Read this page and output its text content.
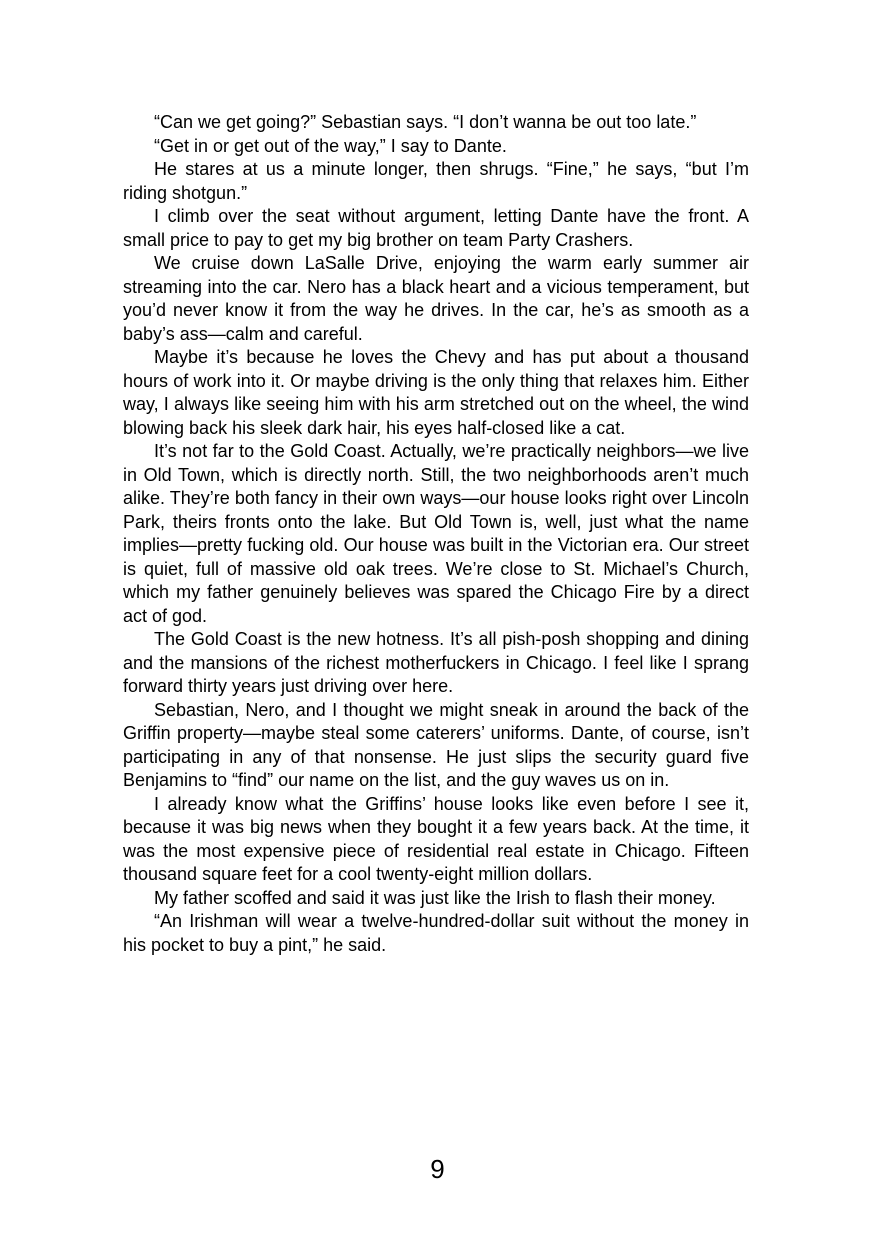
“Can we get going?” Sebastian says. “I don’t wanna be out too late.”

“Get in or get out of the way,” I say to Dante.

He stares at us a minute longer, then shrugs. “Fine,” he says, “but I’m riding shotgun.”

I climb over the seat without argument, letting Dante have the front. A small price to pay to get my big brother on team Party Crashers.

We cruise down LaSalle Drive, enjoying the warm early summer air streaming into the car. Nero has a black heart and a vicious temperament, but you’d never know it from the way he drives. In the car, he’s as smooth as a baby’s ass—calm and careful.

Maybe it’s because he loves the Chevy and has put about a thousand hours of work into it. Or maybe driving is the only thing that relaxes him. Either way, I always like seeing him with his arm stretched out on the wheel, the wind blowing back his sleek dark hair, his eyes half-closed like a cat.

It’s not far to the Gold Coast. Actually, we’re practically neighbors—we live in Old Town, which is directly north. Still, the two neighborhoods aren’t much alike. They’re both fancy in their own ways—our house looks right over Lincoln Park, theirs fronts onto the lake. But Old Town is, well, just what the name implies—pretty fucking old. Our house was built in the Victorian era. Our street is quiet, full of massive old oak trees. We’re close to St. Michael’s Church, which my father genuinely believes was spared the Chicago Fire by a direct act of god.

The Gold Coast is the new hotness. It’s all pish-posh shopping and dining and the mansions of the richest motherfuckers in Chicago. I feel like I sprang forward thirty years just driving over here.

Sebastian, Nero, and I thought we might sneak in around the back of the Griffin property—maybe steal some caterers’ uniforms. Dante, of course, isn’t participating in any of that nonsense. He just slips the security guard five Benjamins to “find” our name on the list, and the guy waves us on in.

I already know what the Griffins’ house looks like even before I see it, because it was big news when they bought it a few years back. At the time, it was the most expensive piece of residential real estate in Chicago. Fifteen thousand square feet for a cool twenty-eight million dollars.

My father scoffed and said it was just like the Irish to flash their money.

“An Irishman will wear a twelve-hundred-dollar suit without the money in his pocket to buy a pint,” he said.

9
